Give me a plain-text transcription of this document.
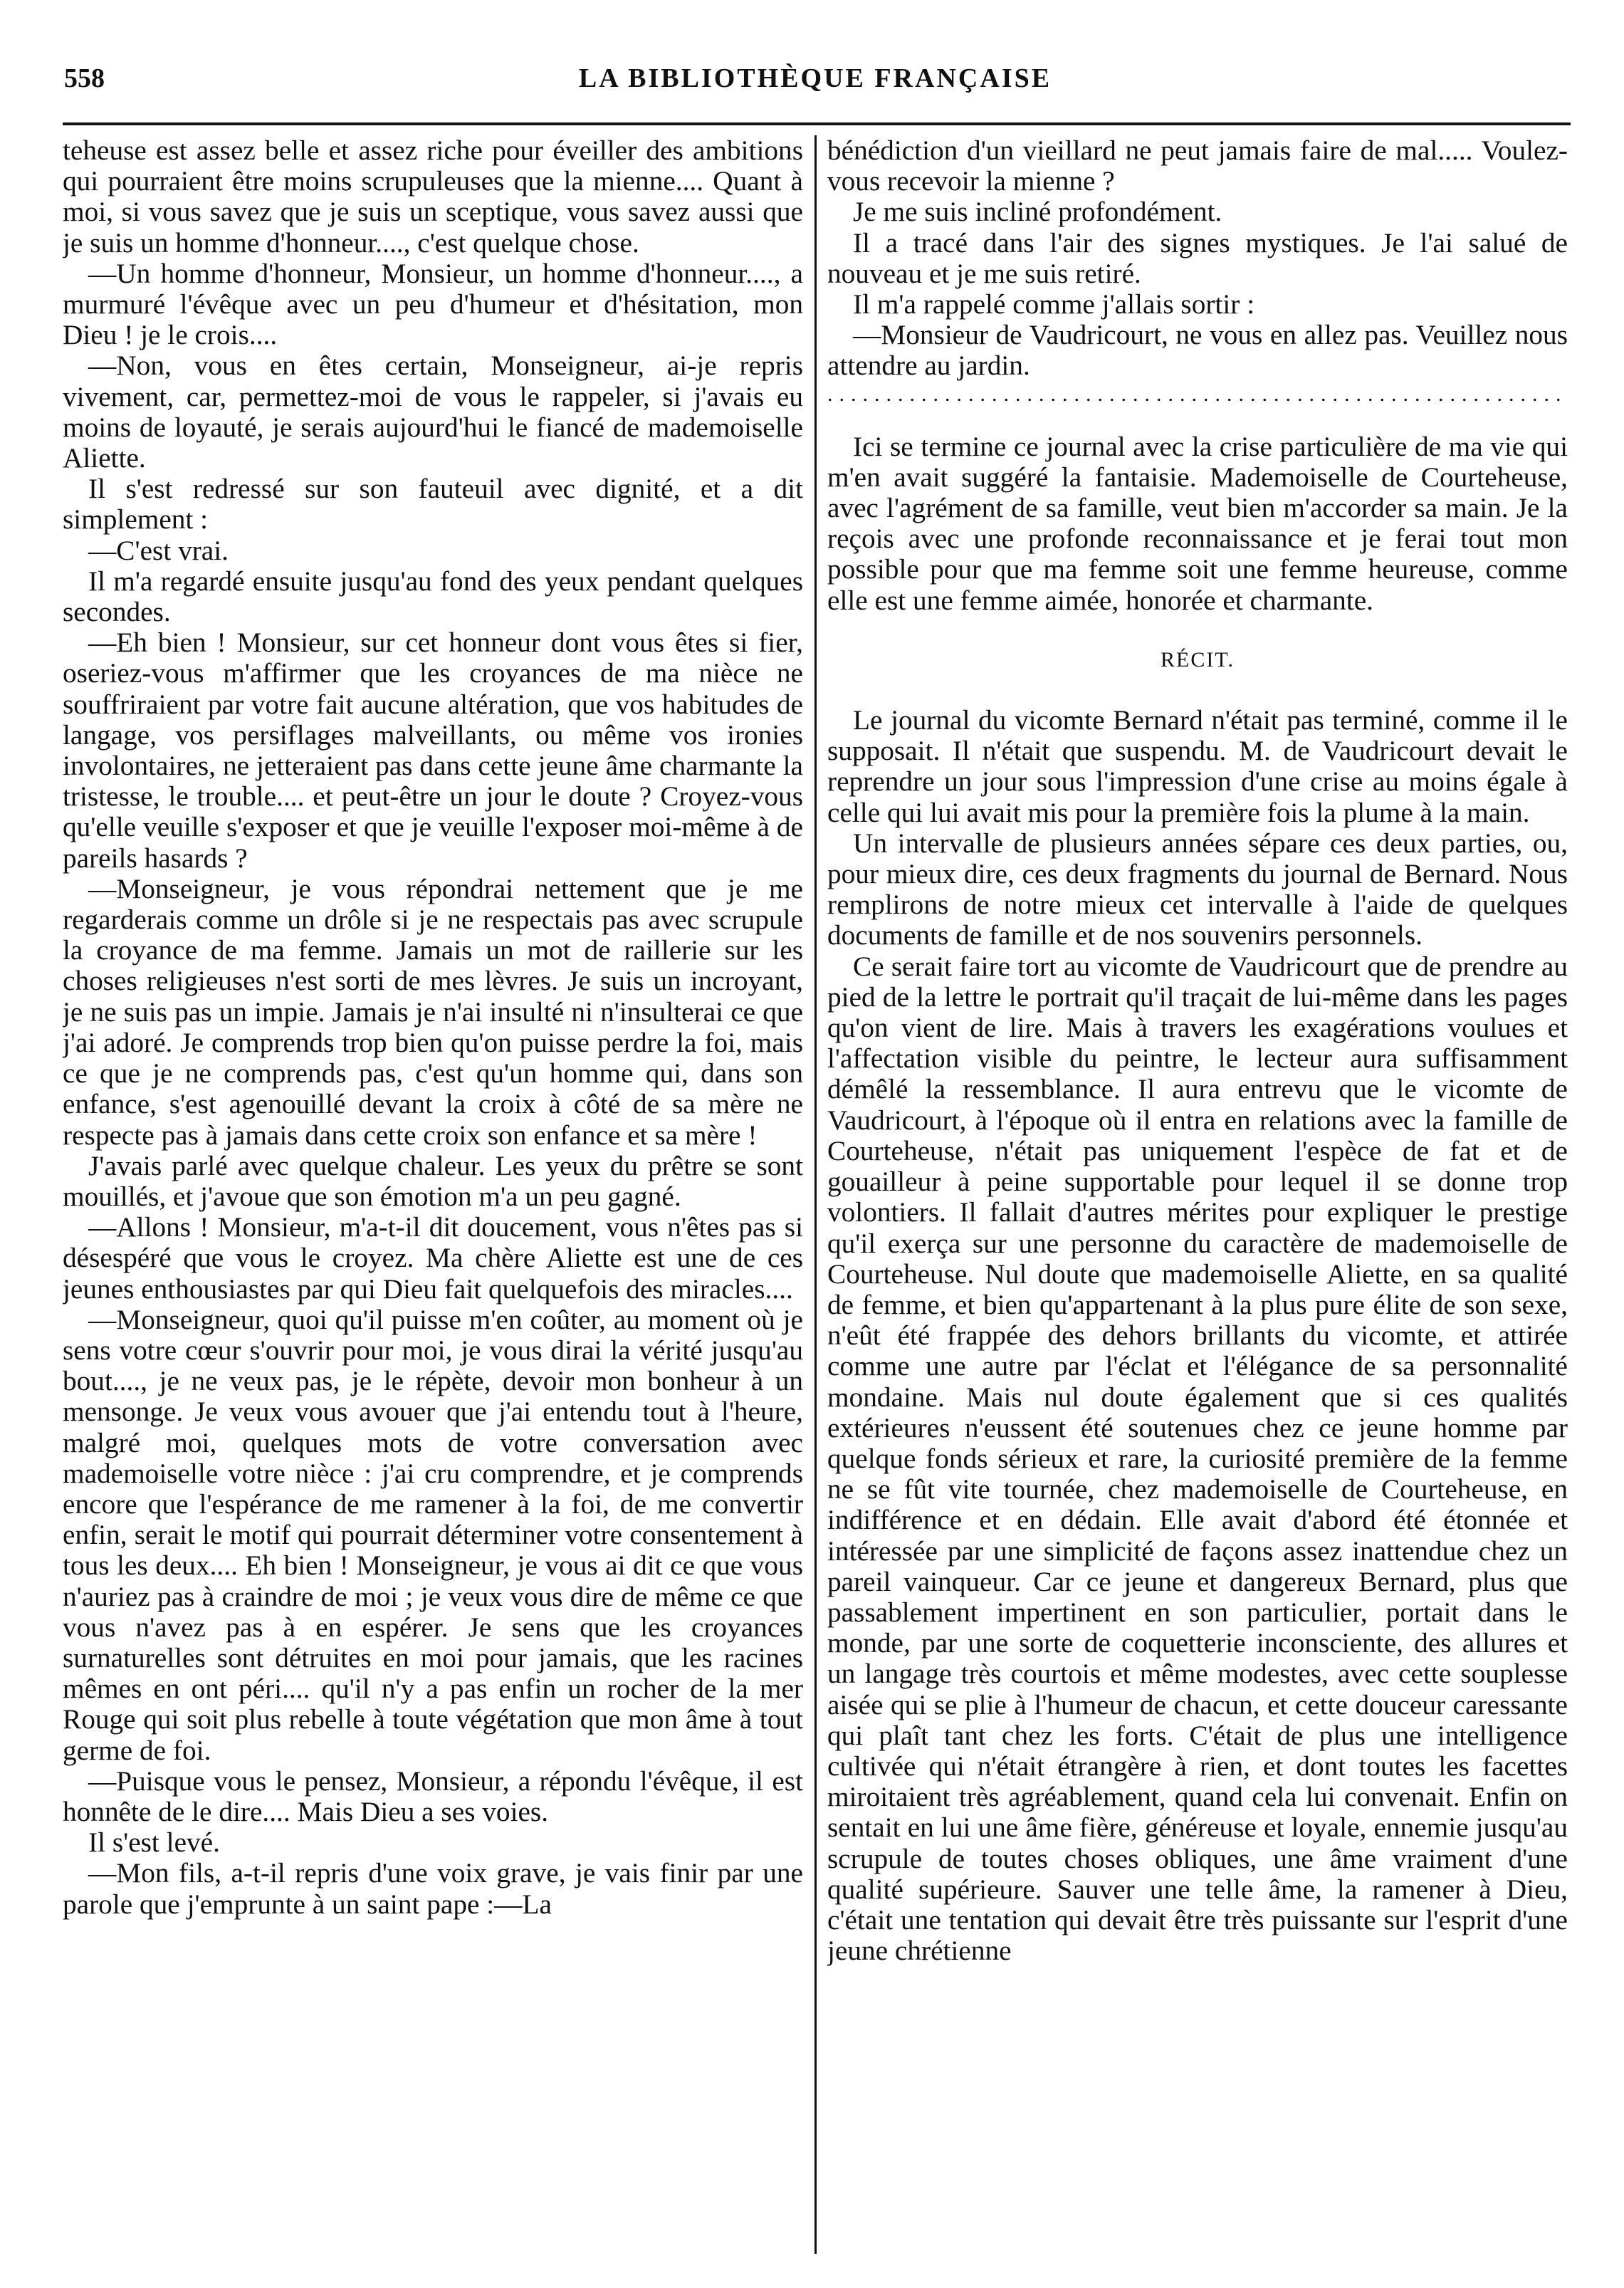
558	LA BIBLIOTHÈQUE FRANÇAISE

teheuse est assez belle et assez riche pour éveiller des ambitions qui pourraient être moins scrupuleuses que la mienne.... Quant à moi, si vous savez que je suis un sceptique, vous savez aussi que je suis un homme d'honneur...., c'est quelque chose.

—Un homme d'honneur, Monsieur, un homme d'honneur...., a murmuré l'évêque avec un peu d'humeur et d'hésitation, mon Dieu ! je le crois....

—Non, vous en êtes certain, Monseigneur, ai-je repris vivement, car, permettez-moi de vous le rappeler, si j'avais eu moins de loyauté, je serais aujourd'hui le fiancé de mademoiselle Aliette.

Il s'est redressé sur son fauteuil avec dignité, et a dit simplement :

—C'est vrai.

Il m'a regardé ensuite jusqu'au fond des yeux pendant quelques secondes.

—Eh bien ! Monsieur, sur cet honneur dont vous êtes si fier, oseriez-vous m'affirmer que les croyances de ma nièce ne souffriraient par votre fait aucune altération, que vos habitudes de langage, vos persiflages malveillants, ou même vos ironies involontaires, ne jetteraient pas dans cette jeune âme charmante la tristesse, le trouble.... et peut-être un jour le doute ? Croyez-vous qu'elle veuille s'exposer et que je veuille l'exposer moi-même à de pareils hasards ?

—Monseigneur, je vous répondrai nettement que je me regarderais comme un drôle si je ne respectais pas avec scrupule la croyance de ma femme. Jamais un mot de raillerie sur les choses religieuses n'est sorti de mes lèvres. Je suis un incroyant, je ne suis pas un impie. Jamais je n'ai insulté ni n'insulterai ce que j'ai adoré. Je comprends trop bien qu'on puisse perdre la foi, mais ce que je ne comprends pas, c'est qu'un homme qui, dans son enfance, s'est agenouillé devant la croix à côté de sa mère ne respecte pas à jamais dans cette croix son enfance et sa mère !

J'avais parlé avec quelque chaleur. Les yeux du prêtre se sont mouillés, et j'avoue que son émotion m'a un peu gagné.

—Allons ! Monsieur, m'a-t-il dit doucement, vous n'êtes pas si désespéré que vous le croyez. Ma chère Aliette est une de ces jeunes enthousiastes par qui Dieu fait quelquefois des miracles....

—Monseigneur, quoi qu'il puisse m'en coûter, au moment où je sens votre cœur s'ouvrir pour moi, je vous dirai la vérité jusqu'au bout...., je ne veux pas, je le répète, devoir mon bonheur à un mensonge. Je veux vous avouer que j'ai entendu tout à l'heure, malgré moi, quelques mots de votre conversation avec mademoiselle votre nièce : j'ai cru comprendre, et je comprends encore que l'espérance de me ramener à la foi, de me convertir enfin, serait le motif qui pourrait déterminer votre consentement à tous les deux.... Eh bien ! Monseigneur, je vous ai dit ce que vous n'auriez pas à craindre de moi ; je veux vous dire de même ce que vous n'avez pas à en espérer. Je sens que les croyances surnaturelles sont détruites en moi pour jamais, que les racines mêmes en ont péri.... qu'il n'y a pas enfin un rocher de la mer Rouge qui soit plus rebelle à toute végétation que mon âme à tout germe de foi.

—Puisque vous le pensez, Monsieur, a répondu l'évêque, il est honnête de le dire.... Mais Dieu a ses voies.

Il s'est levé.

—Mon fils, a-t-il repris d'une voix grave, je vais finir par une parole que j'emprunte à un saint pape :—La

bénédiction d'un vieillard ne peut jamais faire de mal..... Voulez-vous recevoir la mienne ?

Je me suis incliné profondément.

Il a tracé dans l'air des signes mystiques. Je l'ai salué de nouveau et je me suis retiré.

Il m'a rappelé comme j'allais sortir :

—Monsieur de Vaudricourt, ne vous en allez pas. Veuillez nous attendre au jardin.

...............................................................

Ici se termine ce journal avec la crise particulière de ma vie qui m'en avait suggéré la fantaisie. Mademoiselle de Courteheuse, avec l'agrément de sa famille, veut bien m'accorder sa main. Je la reçois avec une profonde reconnaissance et je ferai tout mon possible pour que ma femme soit une femme heureuse, comme elle est une femme aimée, honorée et charmante.

RÉCIT.

Le journal du vicomte Bernard n'était pas terminé, comme il le supposait. Il n'était que suspendu. M. de Vaudricourt devait le reprendre un jour sous l'impression d'une crise au moins égale à celle qui lui avait mis pour la première fois la plume à la main.

Un intervalle de plusieurs années sépare ces deux parties, ou, pour mieux dire, ces deux fragments du journal de Bernard. Nous remplirons de notre mieux cet intervalle à l'aide de quelques documents de famille et de nos souvenirs personnels.

Ce serait faire tort au vicomte de Vaudricourt que de prendre au pied de la lettre le portrait qu'il traçait de lui-même dans les pages qu'on vient de lire. Mais à travers les exagérations voulues et l'affectation visible du peintre, le lecteur aura suffisamment démêlé la ressemblance. Il aura entrevu que le vicomte de Vaudricourt, à l'époque où il entra en relations avec la famille de Courteheuse, n'était pas uniquement l'espèce de fat et de gouailleur à peine supportable pour lequel il se donne trop volontiers. Il fallait d'autres mérites pour expliquer le prestige qu'il exerça sur une personne du caractère de mademoiselle de Courteheuse. Nul doute que mademoiselle Aliette, en sa qualité de femme, et bien qu'appartenant à la plus pure élite de son sexe, n'eût été frappée des dehors brillants du vicomte, et attirée comme une autre par l'éclat et l'élégance de sa personnalité mondaine. Mais nul doute également que si ces qualités extérieures n'eussent été soutenues chez ce jeune homme par quelque fonds sérieux et rare, la curiosité première de la femme ne se fût vite tournée, chez mademoiselle de Courteheuse, en indifférence et en dédain. Elle avait d'abord été étonnée et intéressée par une simplicité de façons assez inattendue chez un pareil vainqueur. Car ce jeune et dangereux Bernard, plus que passablement impertinent en son particulier, portait dans le monde, par une sorte de coquetterie inconsciente, des allures et un langage très courtois et même modestes, avec cette souplesse aisée qui se plie à l'humeur de chacun, et cette douceur caressante qui plaît tant chez les forts. C'était de plus une intelligence cultivée qui n'était étrangère à rien, et dont toutes les facettes miroitaient très agréablement, quand cela lui convenait. Enfin on sentait en lui une âme fière, généreuse et loyale, ennemie jusqu'au scrupule de toutes choses obliques, une âme vraiment d'une qualité supérieure. Sauver une telle âme, la ramener à Dieu, c'était une tentation qui devait être très puissante sur l'esprit d'une jeune chrétienne
